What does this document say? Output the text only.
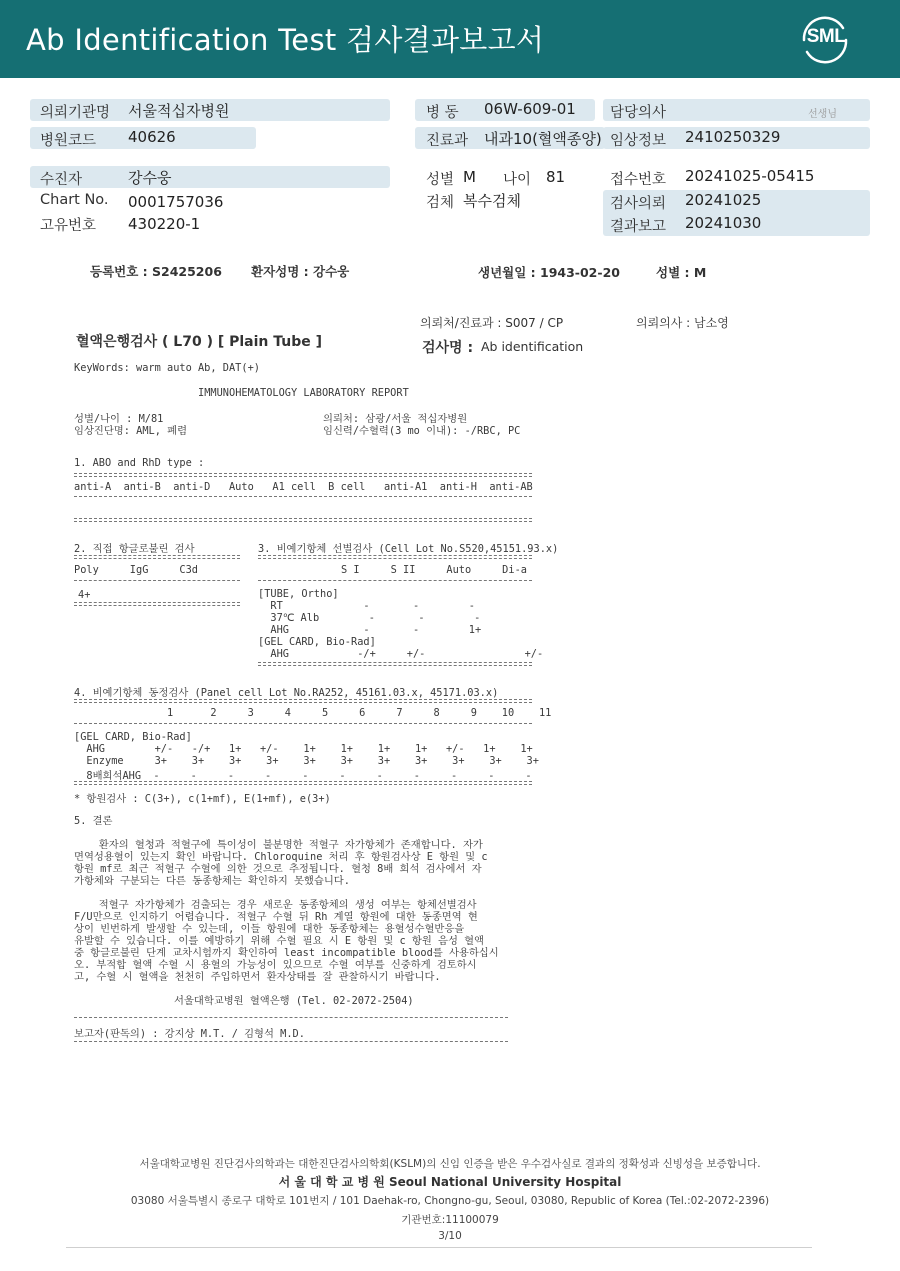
Ab Identification Test 검사결과보고서	SML
의뢰기관명 서울적십자병원
병원코드 40626
수진자	강수웅
Chart No. 0001757036
고유번호 430220-1
병 동 06W-609-01
진료과 내과10(혈액종양)
성별 M 나이 81
검체 복수검체
담당의사	선생님
임상정보 2410250329
접수번호 20241025-05415
검사의뢰 20241025
결과보고 20241030
등록번호 : S2425206 환자성명 : 강수웅	생년월일 : 1943-02-20	성별 : M
의뢰처/진료과 : S007 / CP	의뢰의사 : 남소영
혈액은행검사 ( L70 ) [ Plain Tube ]	검사명 : Ab identification
KeyWords: warm auto Ab, DAT(+)
IMMUNOHEMATOLOGY LABORATORY REPORT
성별/나이 : M/81
임상진단명: AML, 폐렴
의뢰처: 삼광/서울 적십자병원
임신력/수혈력(3 mo 이내): -/RBC, PC
1. ABO and RhD type :
anti-A  anti-B  anti-D   Auto   A1 cell  B cell   anti-A1  anti-H  anti-AB
2. 직접 항글로불린 검사
Poly     IgG     C3d
4+
3. 비예기항체 선별검사 (Cell Lot No.S520,45151.93.x)
S I     S II     Auto     Di-a
[TUBE, Ortho]
RT             -       -        -
37℃ Alb        -       -        -
AHG            -       -        1+
[GEL CARD, Bio-Rad]
AHG           -/+     +/-                +/-
4. 비예기항체 동정검사 (Panel cell Lot No.RA252, 45161.03.x, 45171.03.x)
1      2     3     4     5     6     7     8     9    10    11
[GEL CARD, Bio-Rad]
AHG        +/-   -/+   1+   +/-    1+    1+    1+    1+   +/-   1+    1+
Enzyme     3+    3+    3+    3+    3+    3+    3+    3+    3+    3+    3+
8배희석AHG  -     -     -     -     -     -     -     -     -     -     -
* 항원검사 : C(3+), c(1+mf), E(1+mf), e(3+)
5. 결론
환자의 혈청과 적혈구에 특이성이 불분명한 적혈구 자가항체가 존재합니다. 자가
면역성용혈이 있는지 확인 바랍니다. Chloroquine 처리 후 항원검사상 E 항원 및 c
항원 mf로 최근 적혈구 수혈에 의한 것으로 추정됩니다. 혈청 8배 희석 검사에서 자
가항체와 구분되는 다른 동종항체는 확인하지 못했습니다.
적혈구 자가항체가 검출되는 경우 새로운 동종항체의 생성 여부는 항체선별검사
F/U만으로 인지하기 어렵습니다. 적혈구 수혈 뒤 Rh 계열 항원에 대한 동종면역 현
상이 빈번하게 발생할 수 있는데, 이들 항원에 대한 동종항체는 용혈성수혈반응을
유발할 수 있습니다. 이를 예방하기 위해 수혈 필요 시 E 항원 및 c 항원 음성 혈액
중 항글로불린 단계 교차시험까지 확인하여 least incompatible blood를 사용하십시
오. 부적합 혈액 수혈 시 용혈의 가능성이 있으므로 수혈 여부를 신중하게 검토하시
고, 수혈 시 혈액을 천천히 주입하면서 환자상태를 잘 관찰하시기 바랍니다.
서울대학교병원 혈액은행 (Tel. 02-2072-2504)
보고자(판독의) : 강지상 M.T. / 김형석 M.D.
서울대학교병원 진단검사의학과는 대한진단검사의학회(KSLM)의 신임 인증을 받은 우수검사실로 결과의 정확성과 신빙성을 보증합니다.
서 울 대 학 교 병 원 Seoul National University Hospital
03080 서울특별시 종로구 대학로 101번지 / 101 Daehak-ro, Chongno-gu, Seoul, 03080, Republic of Korea (Tel.:02-2072-2396)
기관번호:11100079
3/10
